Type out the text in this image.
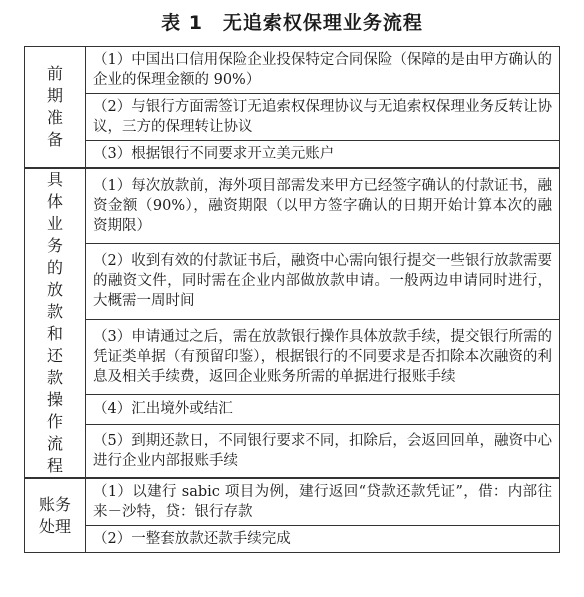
表 1　无追索权保理业务流程
前期准备	（1）中国出口信用保险企业投保特定合同保险（保障的是由甲方确认的企业的保理金额的 90%）
	（2）与银行方面需签订无追索权保理协议与无追索权保理业务反转让协议，三方的保理转让协议
	（3）根据银行不同要求开立美元账户
具体业务的放款和还款操作流程	（1）每次放款前，海外项目部需发来甲方已经签字确认的付款证书，融资金额（90%），融资期限（以甲方签字确认的日期开始计算本次的融资期限）
	（2）收到有效的付款证书后，融资中心需向银行提交一些银行放款需要的融资文件，同时需在企业内部做放款申请。一般两边申请同时进行，大概需一周时间
	（3）申请通过之后，需在放款银行操作具体放款手续，提交银行所需的凭证类单据（有预留印鉴），根据银行的不同要求是否扣除本次融资的利息及相关手续费，返回企业账务所需的单据进行报账手续
	（4）汇出境外或结汇
	（5）到期还款日，不同银行要求不同，扣除后，会返回回单，融资中心进行企业内部报账手续
账务处理	（1）以建行 sabic 项目为例，建行返回“贷款还款凭证”，借：内部往来－沙特，贷：银行存款
	（2）一整套放款还款手续完成
